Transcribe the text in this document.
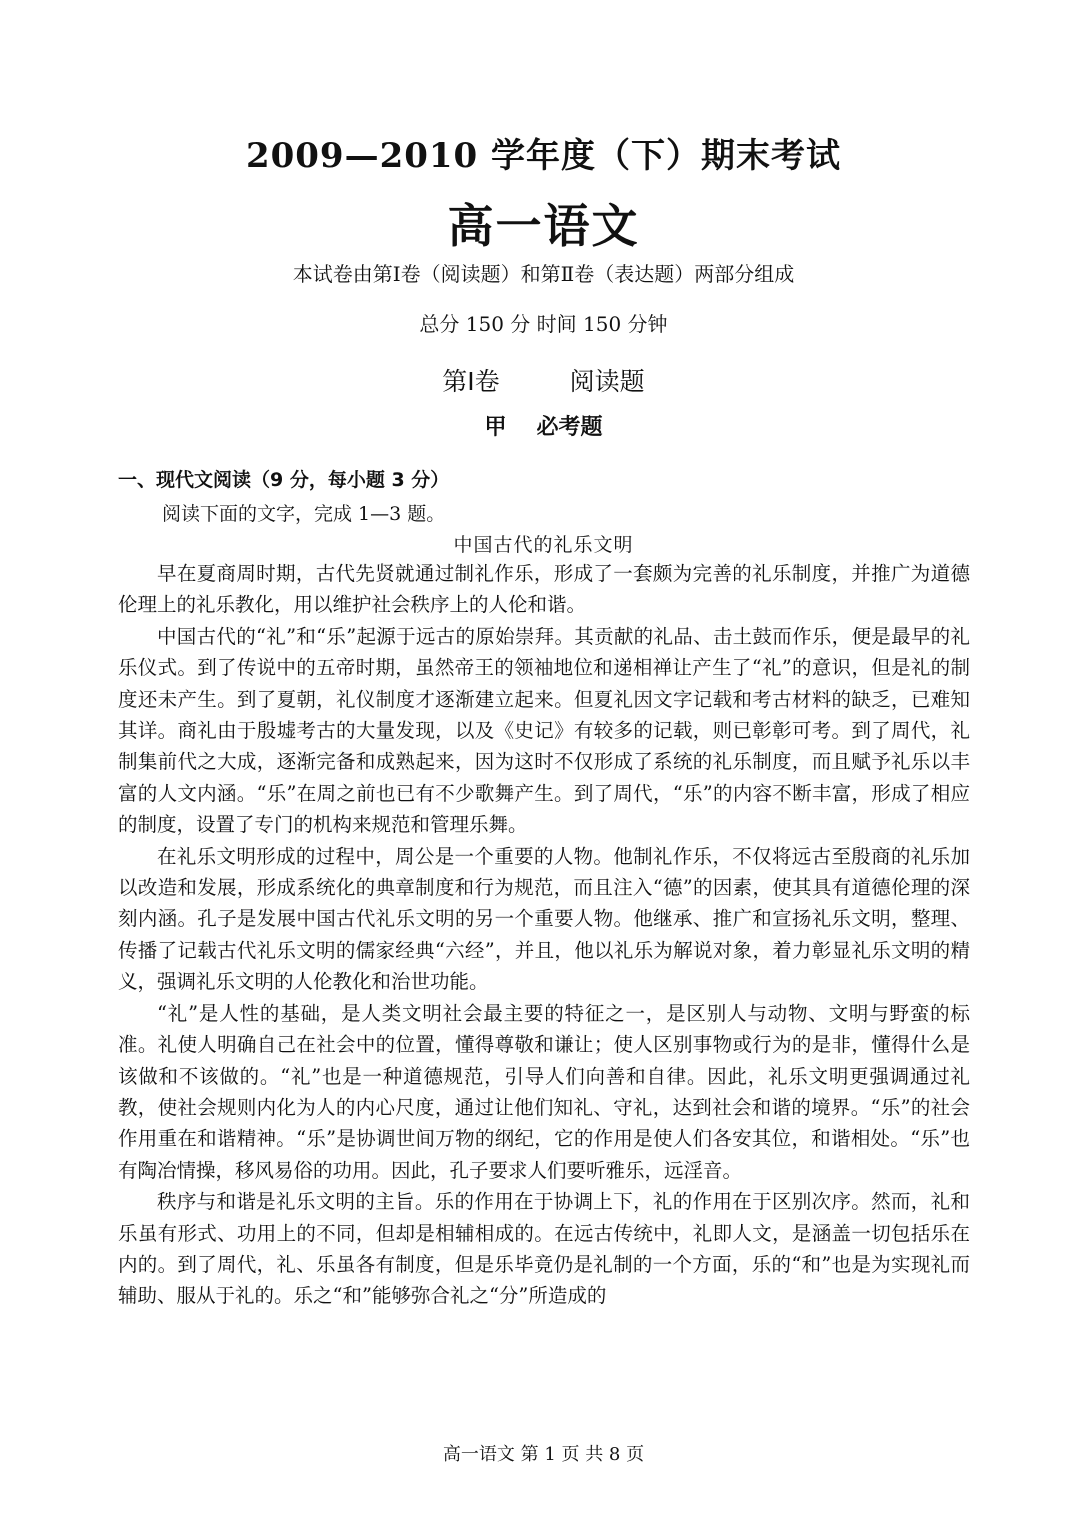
2009—2010 学年度（下）期末考试
高一语文
本试卷由第Ⅰ卷（阅读题）和第Ⅱ卷（表达题）两部分组成
总分 150 分 时间 150 分钟
第Ⅰ卷	阅读题
甲 必考题
一、现代文阅读（9 分，每小题 3 分）
阅读下面的文字，完成 1—3 题。
中国古代的礼乐文明

早在夏商周时期，古代先贤就通过制礼作乐，形成了一套颇为完善的礼乐制度，并推广为道德伦理上的礼乐教化，用以维护社会秩序上的人伦和谐。

中国古代的“礼”和“乐”起源于远古的原始崇拜。其贡献的礼品、击土鼓而作乐，便是最早的礼乐仪式。到了传说中的五帝时期，虽然帝王的领袖地位和递相禅让产生了“礼”的意识，但是礼的制度还未产生。到了夏朝，礼仪制度才逐渐建立起来。但夏礼因文字记载和考古材料的缺乏，已难知其详。商礼由于殷墟考古的大量发现，以及《史记》有较多的记载，则已彰彰可考。到了周代，礼制集前代之大成，逐渐完备和成熟起来，因为这时不仅形成了系统的礼乐制度，而且赋予礼乐以丰富的人文内涵。“乐”在周之前也已有不少歌舞产生。到了周代，“乐”的内容不断丰富，形成了相应的制度，设置了专门的机构来规范和管理乐舞。

在礼乐文明形成的过程中，周公是一个重要的人物。他制礼作乐，不仅将远古至殷商的礼乐加以改造和发展，形成系统化的典章制度和行为规范，而且注入“德”的因素，使其具有道德伦理的深刻内涵。孔子是发展中国古代礼乐文明的另一个重要人物。他继承、推广和宣扬礼乐文明，整理、传播了记载古代礼乐文明的儒家经典“六经”，并且，他以礼乐为解说对象，着力彰显礼乐文明的精义，强调礼乐文明的人伦教化和治世功能。

“礼”是人性的基础，是人类文明社会最主要的特征之一，是区别人与动物、文明与野蛮的标准。礼使人明确自己在社会中的位置，懂得尊敬和谦让；使人区别事物或行为的是非，懂得什么是该做和不该做的。“礼”也是一种道德规范，引导人们向善和自律。因此，礼乐文明更强调通过礼教，使社会规则内化为人的内心尺度，通过让他们知礼、守礼，达到社会和谐的境界。“乐”的社会作用重在和谐精神。“乐”是协调世间万物的纲纪，它的作用是使人们各安其位，和谐相处。“乐”也有陶冶情操，移风易俗的功用。因此，孔子要求人们要听雅乐，远淫音。

秩序与和谐是礼乐文明的主旨。乐的作用在于协调上下，礼的作用在于区别次序。然而，礼和乐虽有形式、功用上的不同，但却是相辅相成的。在远古传统中，礼即人文，是涵盖一切包括乐在内的。到了周代，礼、乐虽各有制度，但是乐毕竟仍是礼制的一个方面，乐的“和”也是为实现礼而辅助、服从于礼的。乐之“和”能够弥合礼之“分”所造成的

高一语文 第 1 页 共 8 页
